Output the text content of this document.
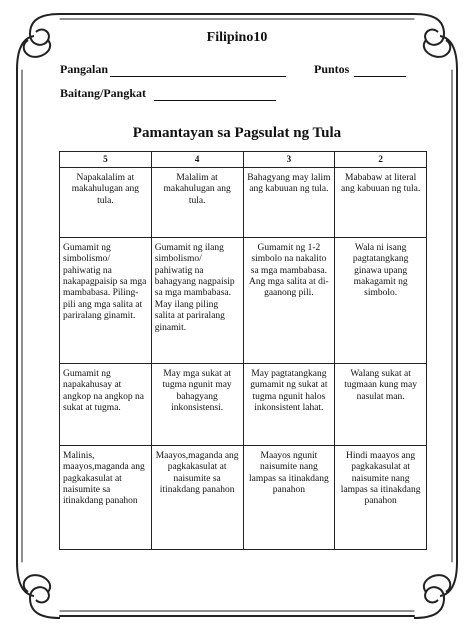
Filipino10
Pangalan	Puntos
Baitang/Pangkat
Pamantayan sa Pagsulat ng Tula
5	4	3	2
Napakalalim at makahulugan ang tula.	Malalim at makahulugan ang tula.	Bahagyang may lalim ang kabuuan ng tula.	Mababaw at literal ang kabuuan ng tula.
Gumamit ng simbolismo/ pahiwatig na nakapagpaisip sa mga mambabasa. Piling- pili ang mga salita at pariralang ginamit.	Gumamit ng ilang simbolismo/ pahiwatig na bahagyang nagpaisip sa mga mambabasa. May ilang piling salita at pariralang ginamit.	Gumamit ng 1-2 simbolo na nakalito sa mga mambabasa. Ang mga salita at di-gaanong pili.	Wala ni isang pagtatangkang ginawa upang makagamit ng simbolo.
Gumamit ng napakahusay at angkop na angkop na sukat at tugma.	May mga sukat at tugma ngunit may bahagyang inkonsistensi.	May pagtatangkang gumamit ng sukat at tugma ngunit halos inkonsistent lahat.	Walang sukat at tugmaan kung may nasulat man.
Malinis, maayos,maganda ang pagkakasulat at naisumite sa itinakdang panahon	Maayos,maganda ang pagkakasulat at naisumite sa itinakdang panahon	Maayos ngunit naisumite nang lampas sa itinakdang panahon	Hindi maayos ang pagkakasulat at naisumite nang lampas sa itinakdang panahon
